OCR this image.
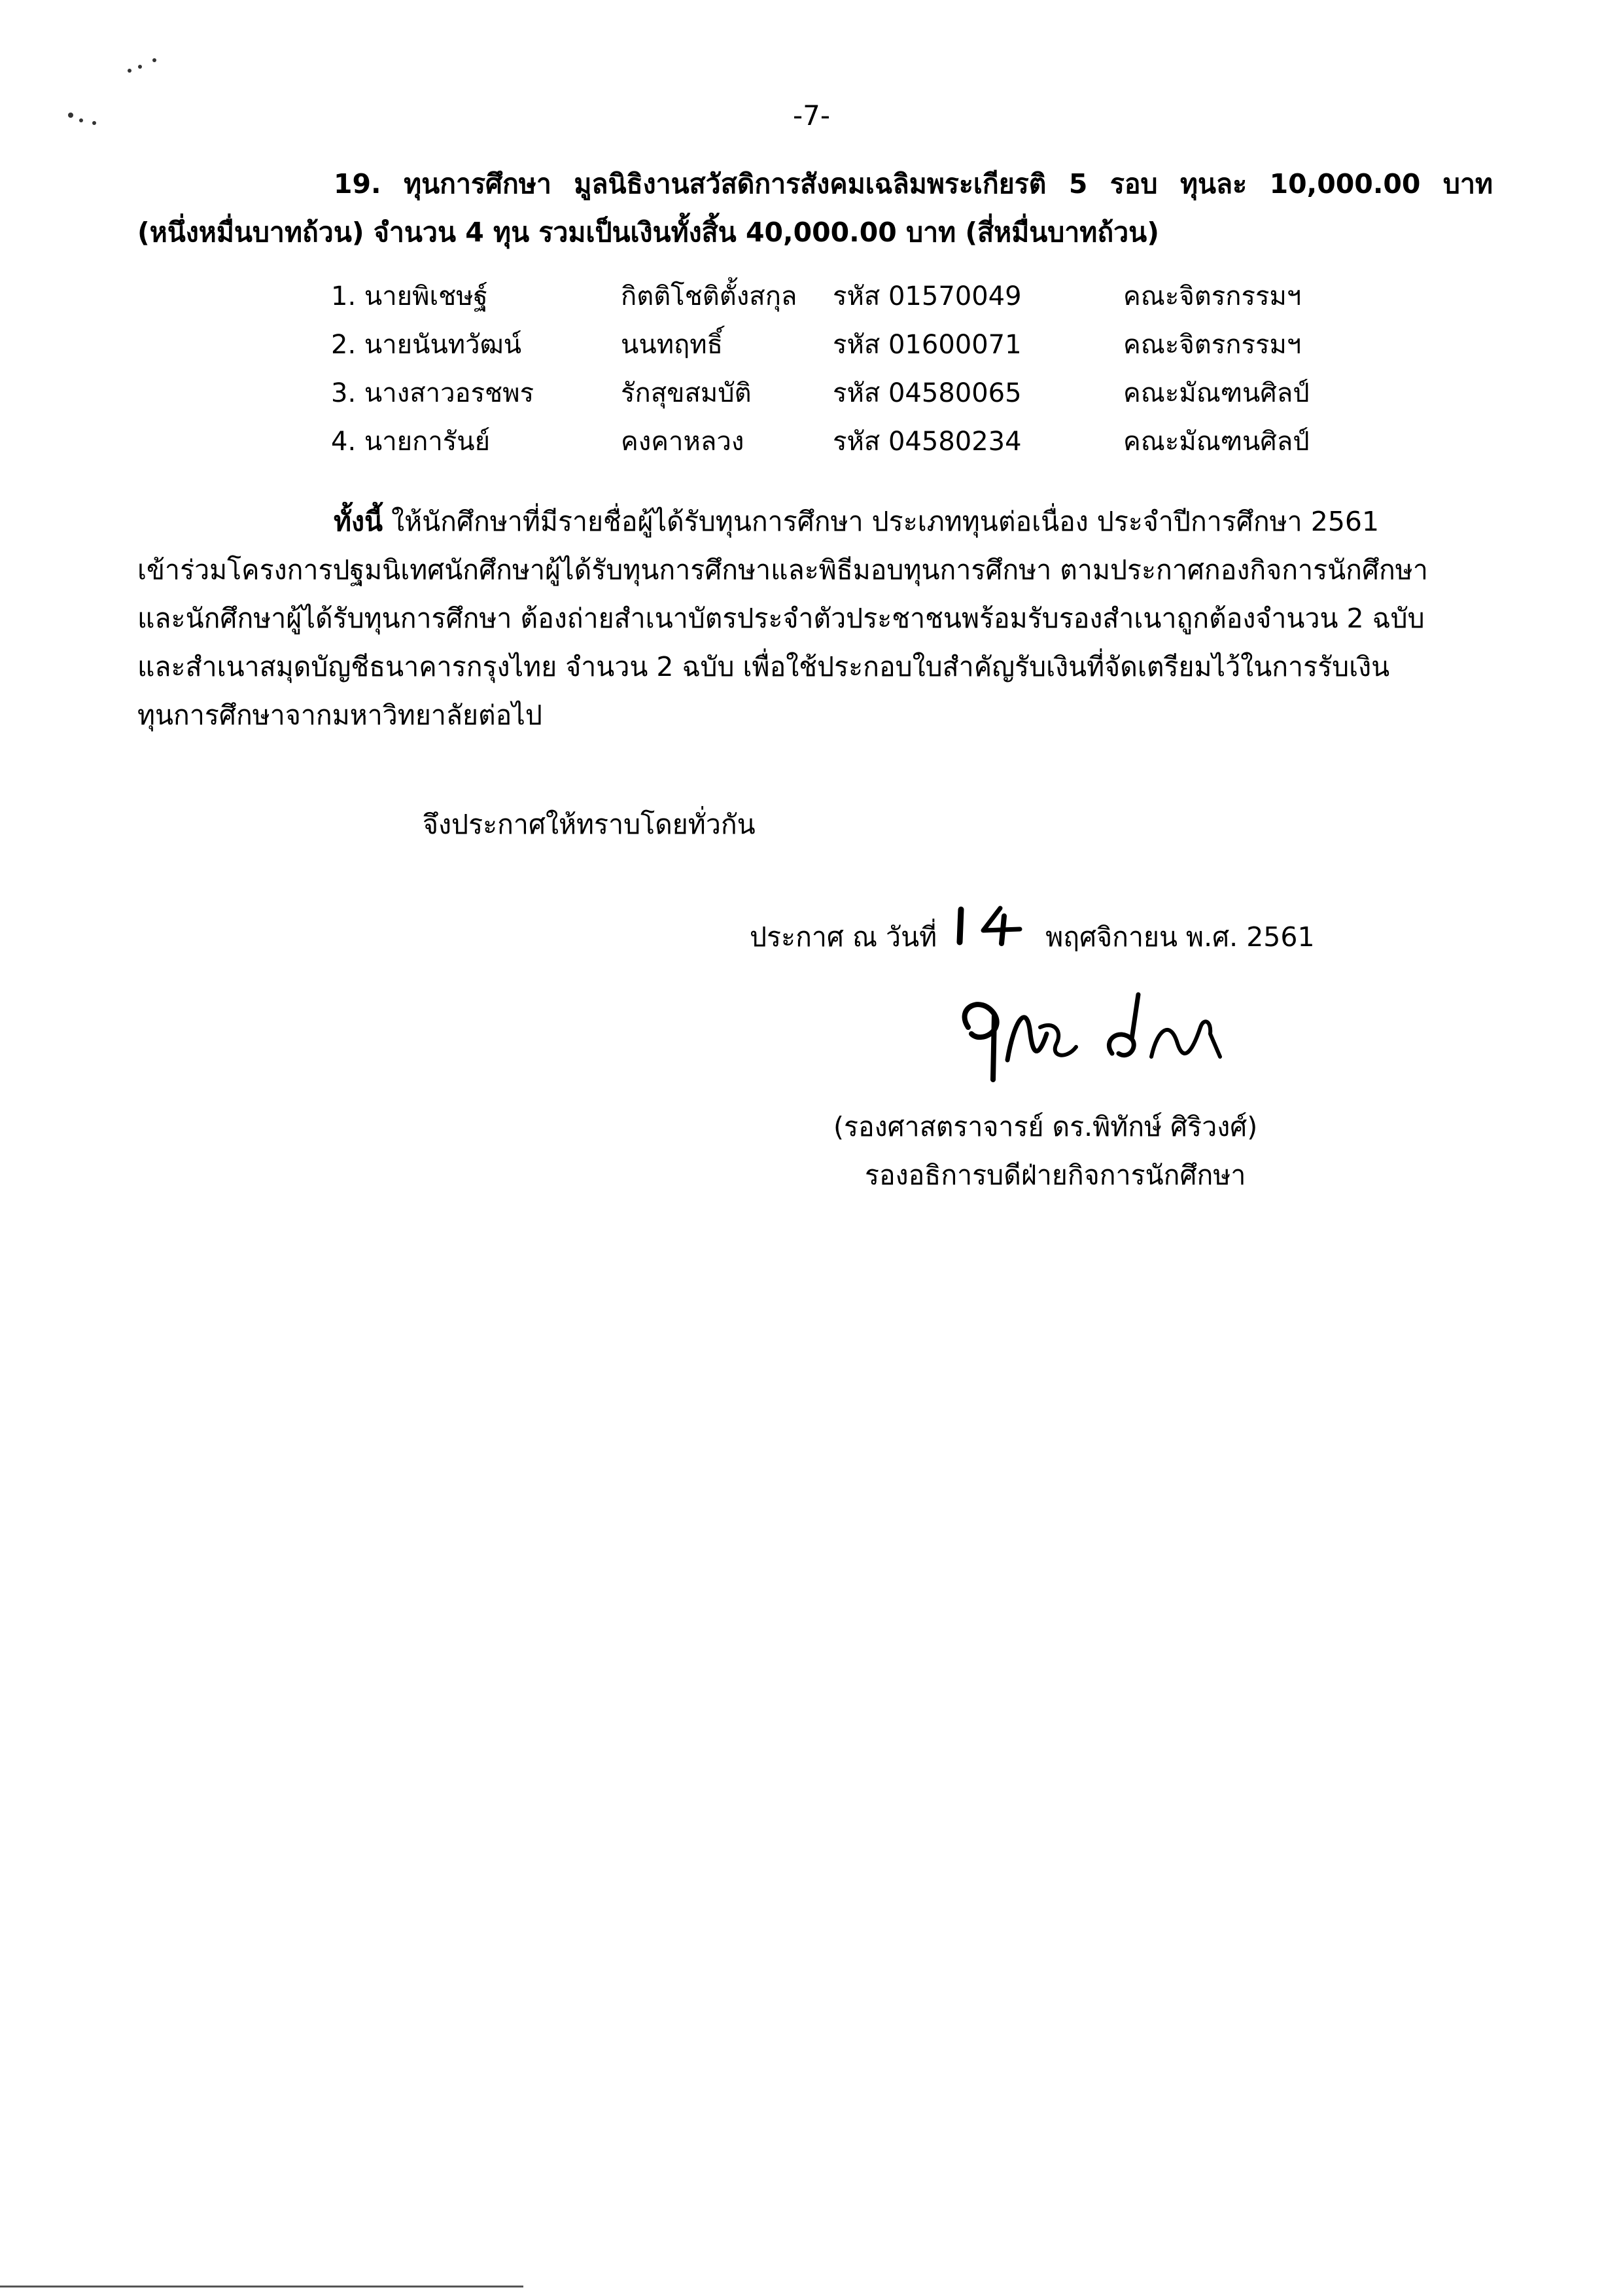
-7-

19. ทุนการศึกษา มูลนิธิงานสวัสดิการสังคมเฉลิมพระเกียรติ 5 รอบ ทุนละ 10,000.00 บาท

(หนึ่งหมื่นบาทถ้วน) จำนวน 4 ทุน รวมเป็นเงินทั้งสิ้น 40,000.00 บาท (สี่หมื่นบาทถ้วน)

1. นายพิเชษฐ์	กิตติโชติตั้งสกุล รหัส 01570049	คณะจิตรกรรมฯ
2. นายนันทวัฒน์	นนทฤทธิ์	รหัส 01600071	คณะจิตรกรรมฯ
3. นางสาวอรชพร	รักสุขสมบัติ	รหัส 04580065	คณะมัณฑนศิลป์
4. นายการันย์	คงคาหลวง	รหัส 04580234	คณะมัณฑนศิลป์

ทั้งนี้ ให้นักศึกษาที่มีรายชื่อผู้ได้รับทุนการศึกษา ประเภททุนต่อเนื่อง ประจำปีการศึกษา 2561

เข้าร่วมโครงการปฐมนิเทศนักศึกษาผู้ได้รับทุนการศึกษาและพิธีมอบทุนการศึกษา ตามประกาศกองกิจการนักศึกษา

และนักศึกษาผู้ได้รับทุนการศึกษา ต้องถ่ายสำเนาบัตรประจำตัวประชาชนพร้อมรับรองสำเนาถูกต้องจำนวน 2 ฉบับ

และสำเนาสมุดบัญชีธนาคารกรุงไทย จำนวน 2 ฉบับ เพื่อใช้ประกอบใบสำคัญรับเงินที่จัดเตรียมไว้ในการรับเงิน

ทุนการศึกษาจากมหาวิทยาลัยต่อไป

จึงประกาศให้ทราบโดยทั่วกัน
ประกาศ ณ วันที่	พฤศจิกายน พ.ศ. 2561
(รองศาสตราจารย์ ดร.พิทักษ์ ศิริวงศ์)
รองอธิการบดีฝ่ายกิจการนักศึกษา
